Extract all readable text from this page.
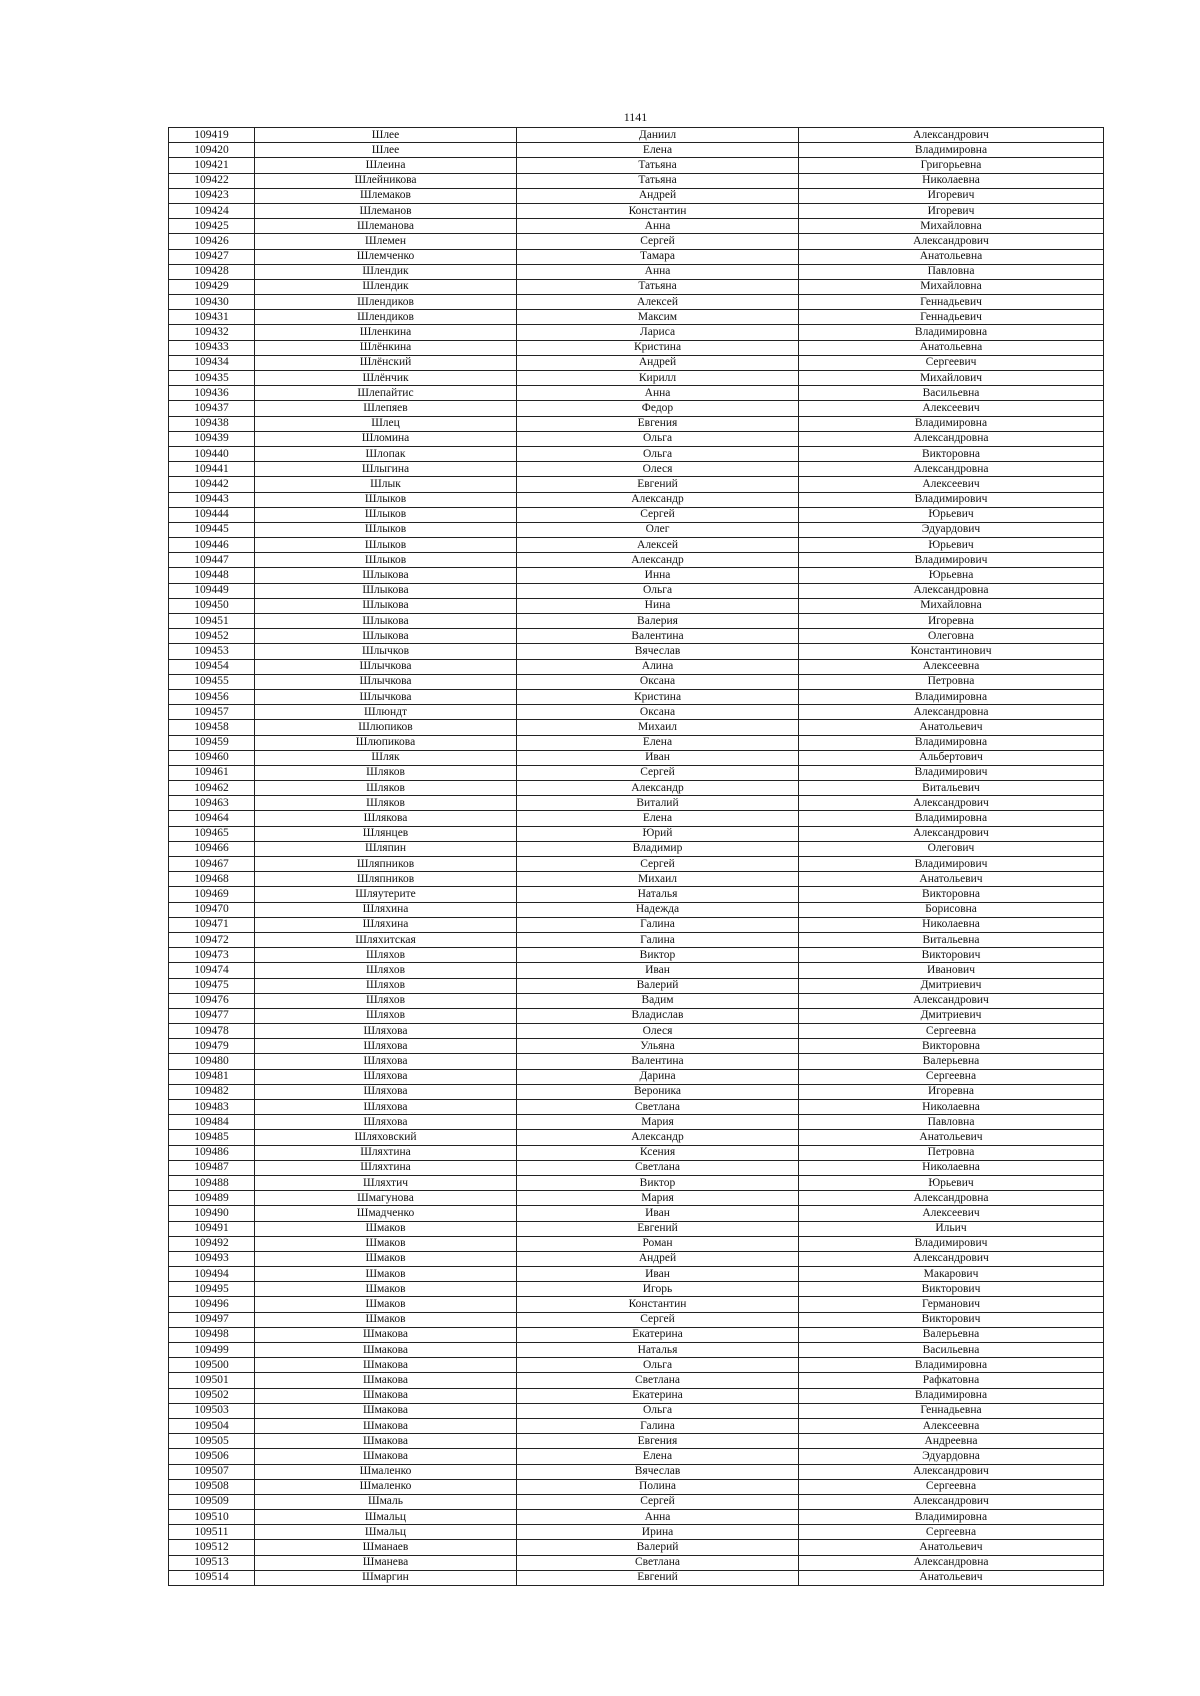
1141
109419	Шлее	Даниил	Александрович
109420	Шлее	Елена	Владимировна
109421	Шлеина	Татьяна	Григорьевна
109422	Шлейникова	Татьяна	Николаевна
109423	Шлемаков	Андрей	Игоревич
109424	Шлеманов	Константин	Игоревич
109425	Шлеманова	Анна	Михайловна
109426	Шлемен	Сергей	Александрович
109427	Шлемченко	Тамара	Анатольевна
109428	Шлендик	Анна	Павловна
109429	Шлендик	Татьяна	Михайловна
109430	Шлендиков	Алексей	Геннадьевич
109431	Шлендиков	Максим	Геннадьевич
109432	Шленкина	Лариса	Владимировна
109433	Шлёнкина	Кристина	Анатольевна
109434	Шлёнский	Андрей	Сергеевич
109435	Шлёнчик	Кирилл	Михайлович
109436	Шлепайтис	Анна	Васильевна
109437	Шлепяев	Федор	Алексеевич
109438	Шлец	Евгения	Владимировна
109439	Шломина	Ольга	Александровна
109440	Шлопак	Ольга	Викторовна
109441	Шлыгина	Олеся	Александровна
109442	Шлык	Евгений	Алексеевич
109443	Шлыков	Александр	Владимирович
109444	Шлыков	Сергей	Юрьевич
109445	Шлыков	Олег	Эдуардович
109446	Шлыков	Алексей	Юрьевич
109447	Шлыков	Александр	Владимирович
109448	Шлыкова	Инна	Юрьевна
109449	Шлыкова	Ольга	Александровна
109450	Шлыкова	Нина	Михайловна
109451	Шлыкова	Валерия	Игоревна
109452	Шлыкова	Валентина	Олеговна
109453	Шлычков	Вячеслав	Константинович
109454	Шлычкова	Алина	Алексеевна
109455	Шлычкова	Оксана	Петровна
109456	Шлычкова	Кристина	Владимировна
109457	Шлюндт	Оксана	Александровна
109458	Шлюпиков	Михаил	Анатольевич
109459	Шлюпикова	Елена	Владимировна
109460	Шляк	Иван	Альбертович
109461	Шляков	Сергей	Владимирович
109462	Шляков	Александр	Витальевич
109463	Шляков	Виталий	Александрович
109464	Шлякова	Елена	Владимировна
109465	Шлянцев	Юрий	Александрович
109466	Шляпин	Владимир	Олегович
109467	Шляпников	Сергей	Владимирович
109468	Шляпников	Михаил	Анатольевич
109469	Шляутерите	Наталья	Викторовна
109470	Шляхина	Надежда	Борисовна
109471	Шляхина	Галина	Николаевна
109472	Шляхитская	Галина	Витальевна
109473	Шляхов	Виктор	Викторович
109474	Шляхов	Иван	Иванович
109475	Шляхов	Валерий	Дмитриевич
109476	Шляхов	Вадим	Александрович
109477	Шляхов	Владислав	Дмитриевич
109478	Шляхова	Олеся	Сергеевна
109479	Шляхова	Ульяна	Викторовна
109480	Шляхова	Валентина	Валерьевна
109481	Шляхова	Дарина	Сергеевна
109482	Шляхова	Вероника	Игоревна
109483	Шляхова	Светлана	Николаевна
109484	Шляхова	Мария	Павловна
109485	Шляховский	Александр	Анатольевич
109486	Шляхтина	Ксения	Петровна
109487	Шляхтина	Светлана	Николаевна
109488	Шляхтич	Виктор	Юрьевич
109489	Шмагунова	Мария	Александровна
109490	Шмадченко	Иван	Алексеевич
109491	Шмаков	Евгений	Ильич
109492	Шмаков	Роман	Владимирович
109493	Шмаков	Андрей	Александрович
109494	Шмаков	Иван	Макарович
109495	Шмаков	Игорь	Викторович
109496	Шмаков	Константин	Германович
109497	Шмаков	Сергей	Викторович
109498	Шмакова	Екатерина	Валерьевна
109499	Шмакова	Наталья	Васильевна
109500	Шмакова	Ольга	Владимировна
109501	Шмакова	Светлана	Рафкатовна
109502	Шмакова	Екатерина	Владимировна
109503	Шмакова	Ольга	Геннадьевна
109504	Шмакова	Галина	Алексеевна
109505	Шмакова	Евгения	Андреевна
109506	Шмакова	Елена	Эдуардовна
109507	Шмаленко	Вячеслав	Александрович
109508	Шмаленко	Полина	Сергеевна
109509	Шмаль	Сергей	Александрович
109510	Шмальц	Анна	Владимировна
109511	Шмальц	Ирина	Сергеевна
109512	Шманаев	Валерий	Анатольевич
109513	Шманева	Светлана	Александровна
109514	Шмаргин	Евгений	Анатольевич
